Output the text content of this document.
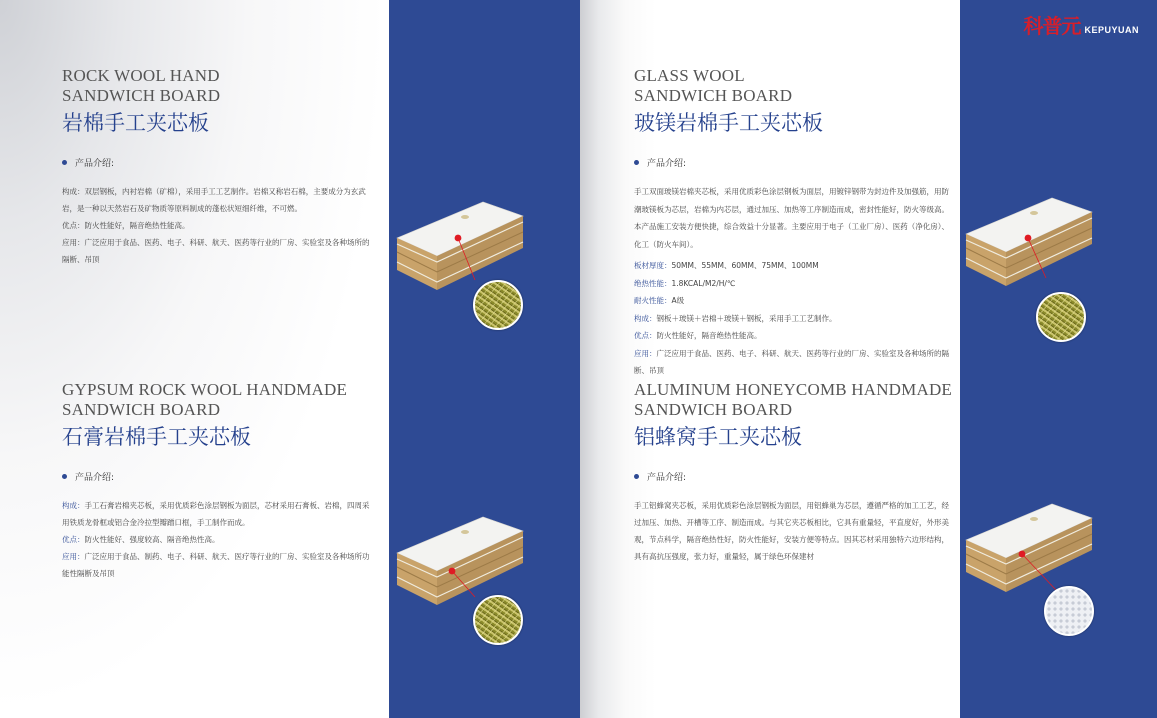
科普元 KEPUYUAN
ROCK WOOL HAND
SANDWICH BOARD
岩棉手工夹芯板
产品介绍:

构成：双层钢板，内衬岩棉（矿棉），采用手工工艺制作。岩棉又称岩石棉，主要成分为玄武岩，是一种以天然岩石及矿物质等原料制成的蓬松状短细纤维，不可燃。

优点：防火性能好，隔音绝热性能高。

应用：广泛应用于食品、医药、电子、科研、航天、医药等行业的厂房、实验室及各种场所的隔断、吊顶

GYPSUM ROCK WOOL HANDMADE
SANDWICH BOARD
石膏岩棉手工夹芯板
产品介绍:

构成：手工石膏岩棉夹芯板，采用优质彩色涂层钢板为面层，芯材采用石膏板、岩棉，四周采用铁质龙骨框或铝合金冷拉型瓣蹭口框，手工制作而成。

优点：防火性能好、强度较高、隔音绝热性高。

应用：广泛应用于食品、制药、电子、科研、航天、医疗等行业的厂房、实验室及各种场所功能性隔断及吊顶

GLASS WOOL
SANDWICH BOARD
玻镁岩棉手工夹芯板
产品介绍:

手工双面玻镁岩棉夹芯板，采用优质彩色涂层钢板为面层，用镀锌钢带为封边件及加强筋，用防潮玻镁板为芯层，岩棉为内芯层，通过加压、加热等工序制造而成，密封性能好，防火等级高。本产品施工安装方便快捷，综合效益十分显著。主要应用于电子（工业厂房）、医药（净化房）、化工（防火车间）。

板材厚度：50MM、55MM、60MM、75MM、100MM

绝热性能：1.8KCAL/M2/H/℃

耐火性能：A级

构成：钢板＋玻镁＋岩棉＋玻镁＋钢板，采用手工工艺制作。

优点：防火性能好，隔音绝热性能高。

应用：广泛应用于食品、医药、电子、科研、航天、医药等行业的厂房、实验室及各种场所的隔断、吊顶

ALUMINUM HONEYCOMB HANDMADE
SANDWICH BOARD
铝蜂窝手工夹芯板
产品介绍:

手工铝蜂窝夹芯板，采用优质彩色涂层钢板为面层，用铝蜂巢为芯层，遵循严格的加工工艺，经过加压、加热、开槽等工序、制造而成。与其它夹芯板相比，它具有重量轻，平直度好，外形美观，节点科学，隔音绝热性好，防火性能好，安装方便等特点。因其芯材采用独特六边形结构，具有高抗压强度，张力好，重量轻，属于绿色环保建材
